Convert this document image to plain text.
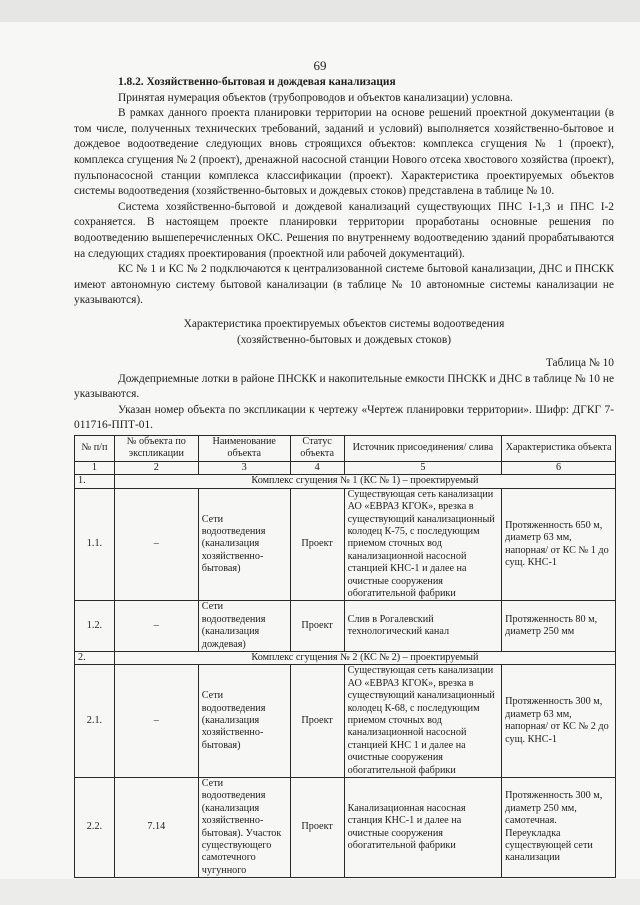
69

1.8.2. Хозяйственно-бытовая и дождевая канализация

Принятая нумерация объектов (трубопроводов и объектов канализации) условна.

В рамках данного проекта планировки территории на основе решений проектной документации (в том числе, полученных технических требований, заданий и условий) выполняется хозяйственно-бытовое и дождевое водоотведение следующих вновь строящихся объектов: комплекса сгущения № 1 (проект), комплекса сгущения № 2 (проект), дренажной насосной станции Нового отсека хвостового хозяйства (проект), пульпонасосной станции комплекса классификации (проект). Характеристика проектируемых объектов системы водоотведения (хозяйственно-бытовых и дождевых стоков) представлена в таблице № 10.

Система хозяйственно-бытовой и дождевой канализаций существующих ПНС I-1,3 и ПНС I-2 сохраняется. В настоящем проекте планировки территории проработаны основные решения по водоотведению вышеперечисленных ОКС. Решения по внутреннему водоотведению зданий прорабатываются на следующих стадиях проектирования (проектной или рабочей документаций).

КС № 1 и КС № 2 подключаются к централизованной системе бытовой канализации, ДНС и ПНСКК имеют автономную систему бытовой канализации (в таблице № 10 автономные системы канализации не указываются).

Характеристика проектируемых объектов системы водоотведения
(хозяйственно-бытовых и дождевых стоков)

Таблица № 10

Дождеприемные лотки в районе ПНСКК и накопительные емкости ПНСКК и ДНС в таблице № 10 не указываются.

Указан номер объекта по экспликации к чертежу «Чертеж планировки территории». Шифр: ДГКГ 7-011716-ППТ-01.

№ п/п	№ объекта по экспликации	Наименование объекта	Статус объекта	Источник присоединения/ слива	Характеристика объекта
1	2	3	4	5	6
1.	Комплекс сгущения № 1 (КС № 1) – проектируемый				
1.1.	–	Сети водоотведения (канализация хозяйственно-бытовая)	Проект	Существующая сеть канализации АО «ЕВРАЗ КГОК», врезка в существующий канализационный колодец К-75, с последующим приемом сточных вод канализационной насосной станцией КНС-1 и далее на очистные сооружения обогатительной фабрики	Протяженность 650 м, диаметр 63 мм, напорная/ от КС № 1 до сущ. КНС-1
1.2.	–	Сети водоотведения (канализация дождевая)	Проект	Слив в Рогалевский технологический канал	Протяженность 80 м, диаметр 250 мм
2.	Комплекс сгущения № 2 (КС № 2) – проектируемый				
2.1.	–	Сети водоотведения (канализация хозяйственно-бытовая)	Проект	Существующая сеть канализации АО «ЕВРАЗ КГОК», врезка в существующий канализационный колодец К-68, с последующим приемом сточных вод канализационной насосной станцией КНС 1 и далее на очистные сооружения обогатительной фабрики	Протяженность 300 м, диаметр 63 мм, напорная/ от КС № 2 до сущ. КНС-1
2.2.	7.14	Сети водоотведения (канализация хозяйственно-бытовая). Участок существующего самотечного чугунного	Проект	Канализационная насосная станция КНС-1 и далее на очистные сооружения обогатительной фабрики	Протяженность 300 м, диаметр 250 мм, самотечная. Переукладка существующей сети канализации
